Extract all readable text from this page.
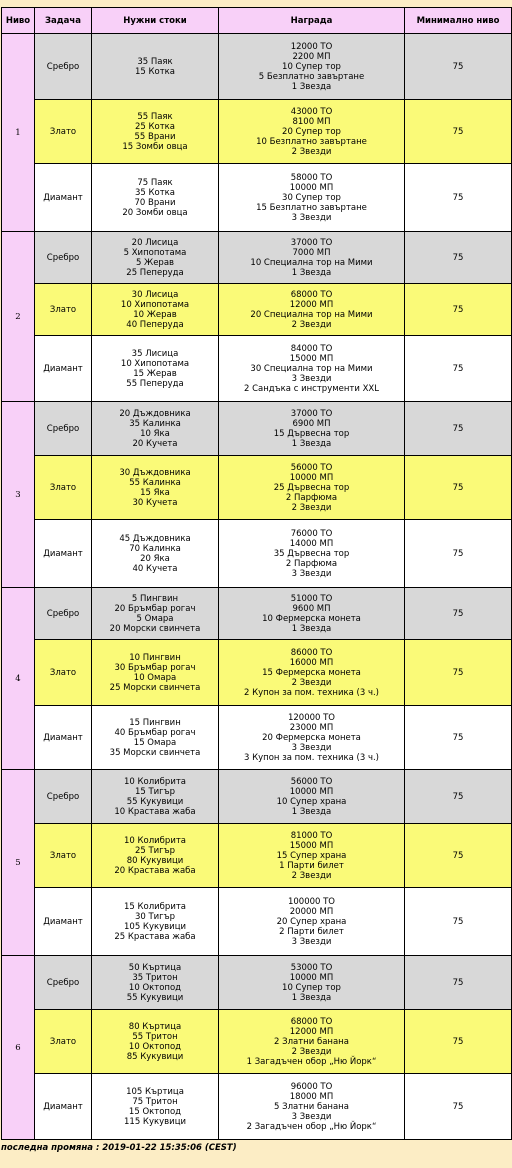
Ниво	Задача	Нужни стоки	Награда	Минимално ниво
1	Сребро	35 Паяк
15 Котка	12000 ТО
2200 МП
10 Супер тор
5 Безплатно завъртане
1 Звезда	75
	Злато	55 Паяк
25 Котка
55 Врани
15 Зомби овца	43000 ТО
8100 МП
20 Супер тор
10 Безплатно завъртане
2 Звезди	75
	Диамант	75 Паяк
35 Котка
70 Врани
20 Зомби овца	58000 ТО
10000 МП
30 Супер тор
15 Безплатно завъртане
3 Звезди	75
2	Сребро	20 Лисица
5 Хипопотама
5 Жерав
25 Пеперуда	37000 ТО
7000 МП
10 Специална тор на Мими
1 Звезда	75
	Злато	30 Лисица
10 Хипопотама
10 Жерав
40 Пеперуда	68000 ТО
12000 МП
20 Специална тор на Мими
2 Звезди	75
	Диамант	35 Лисица
10 Хипопотама
15 Жерав
55 Пеперуда	84000 ТО
15000 МП
30 Специална тор на Мими
3 Звезди
2 Сандъка с инструменти XXL	75
3	Сребро	20 Дъждовника
35 Калинка
10 Яка
20 Кучета	37000 ТО
6900 МП
15 Дървесна тор
1 Звезда	75
	Злато	30 Дъждовника
55 Калинка
15 Яка
30 Кучета	56000 ТО
10000 МП
25 Дървесна тор
2 Парфюма
2 Звезди	75
	Диамант	45 Дъждовника
70 Калинка
20 Яка
40 Кучета	76000 ТО
14000 МП
35 Дървесна тор
2 Парфюма
3 Звезди	75
4	Сребро	5 Пингвин
20 Бръмбар рогач
5 Омара
20 Морски свинчета	51000 ТО
9600 МП
10 Фермерска монета
1 Звезда	75
	Злато	10 Пингвин
30 Бръмбар рогач
10 Омара
25 Морски свинчета	86000 ТО
16000 МП
15 Фермерска монета
2 Звезди
2 Купон за пом. техника (3 ч.)	75
	Диамант	15 Пингвин
40 Бръмбар рогач
15 Омара
35 Морски свинчета	120000 ТО
23000 МП
20 Фермерска монета
3 Звезди
3 Купон за пом. техника (3 ч.)	75
5	Сребро	10 Колибрита
15 Тигър
55 Кукувици
10 Крастава жаба	56000 ТО
10000 МП
10 Супер храна
1 Звезда	75
	Злато	10 Колибрита
25 Тигър
80 Кукувици
20 Крастава жаба	81000 ТО
15000 МП
15 Супер храна
1 Парти билет
2 Звезди	75
	Диамант	15 Колибрита
30 Тигър
105 Кукувици
25 Крастава жаба	100000 ТО
20000 МП
20 Супер храна
2 Парти билет
3 Звезди	75
6	Сребро	50 Къртица
35 Тритон
10 Октопод
55 Кукувици	53000 ТО
10000 МП
10 Супер тор
1 Звезда	75
	Злато	80 Къртица
55 Тритон
10 Октопод
85 Кукувици	68000 ТО
12000 МП
2 Златни банана
2 Звезди
1 Загадъчен обор „Ню Йорк“	75
	Диамант	105 Къртица
75 Тритон
15 Октопод
115 Кукувици	96000 ТО
18000 МП
5 Златни банана
3 Звезди
2 Загадъчен обор „Ню Йорк“	75
последна промяна : 2019-01-22 15:35:06 (CEST)
